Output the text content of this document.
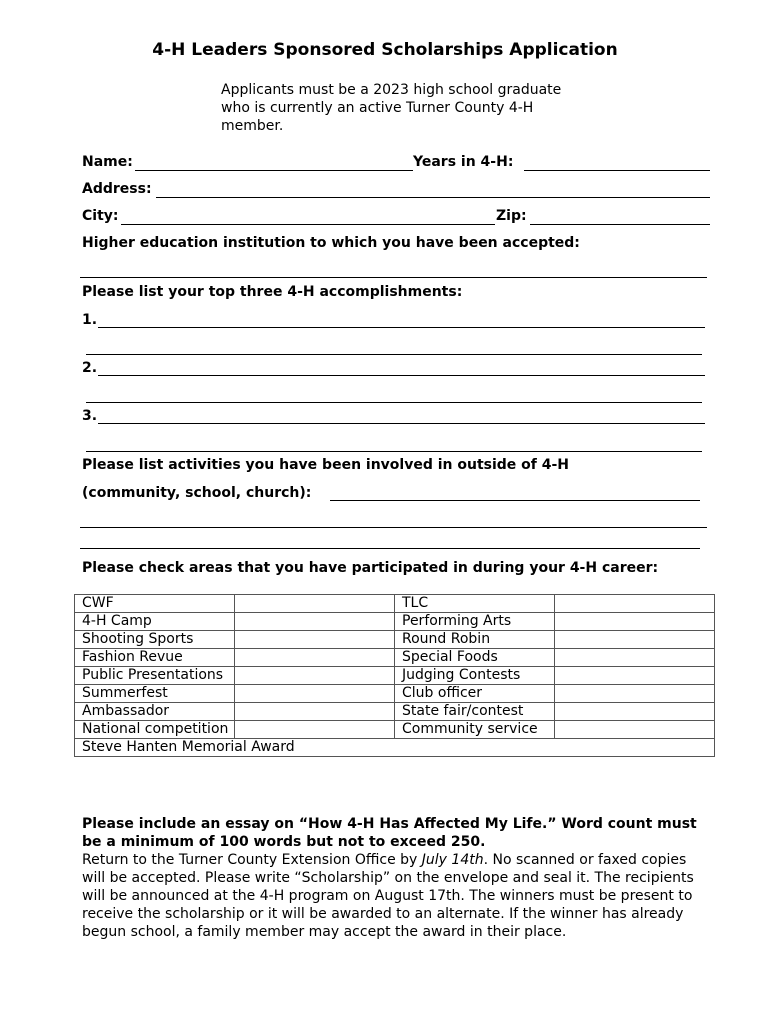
4-H Leaders Sponsored Scholarships Application
Applicants must be a 2023 high school graduate who is currently an active Turner County 4-H member.
Name:	Years in 4-H:
Address:
City:	Zip:
Higher education institution to which you have been accepted:
Please list your top three 4-H accomplishments:
1.
2.
3.
Please list activities you have been involved in outside of 4-H
(community, school, church):
Please check areas that you have participated in during your 4-H career:
CWF		TLC	
4-H Camp		Performing Arts	
Shooting Sports		Round Robin	
Fashion Revue		Special Foods	
Public Presentations		Judging Contests	
Summerfest		Club officer	
Ambassador		State fair/contest	
National competition		Community service	
Steve Hanten Memorial Award			
Please include an essay on “How 4-H Has Affected My Life.” Word count must be a minimum of 100 words but not to exceed 250.
Return to the Turner County Extension Office by July 14th. No scanned or faxed copies will be accepted. Please write “Scholarship” on the envelope and seal it. The recipients will be announced at the 4-H program on August 17th. The winners must be present to receive the scholarship or it will be awarded to an alternate. If the winner has already begun school, a family member may accept the award in their place.
